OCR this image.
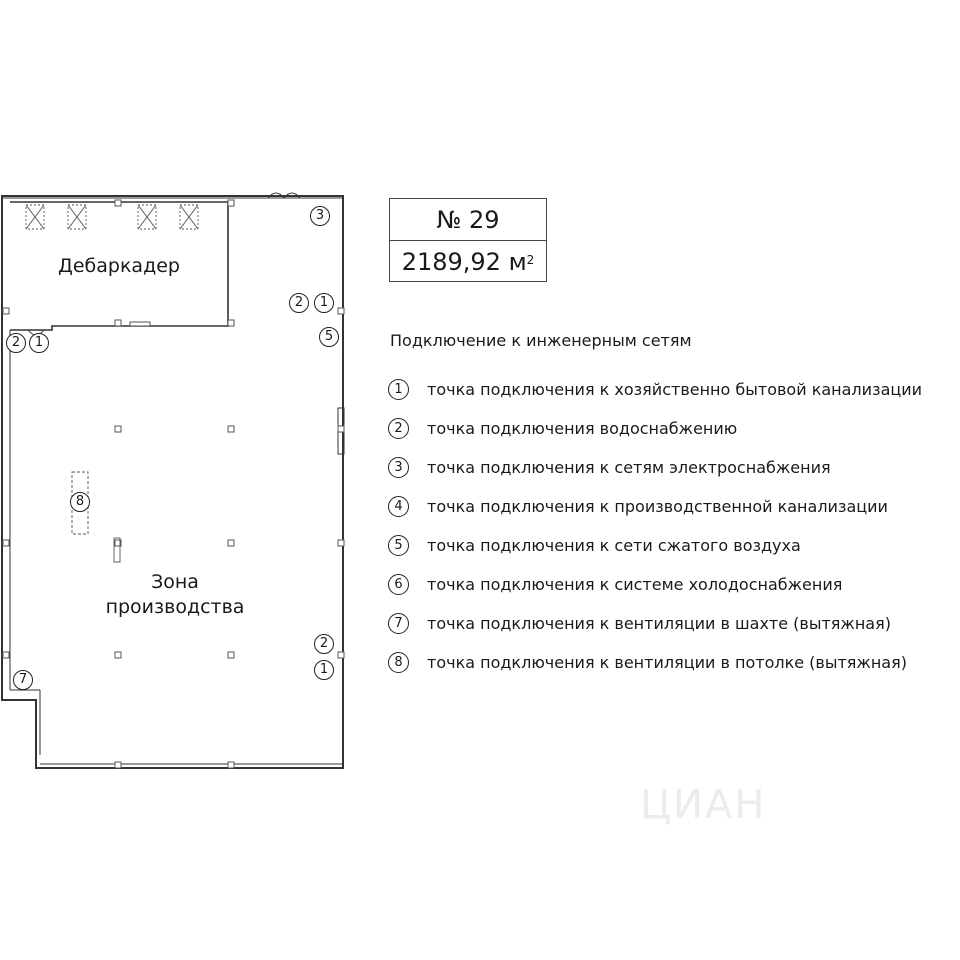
Дебаркадер
Зона
производства
3
2	1
5
2	1
8
2
1
7
№ 29
2189,92 $м^2$
Подключение к инженерным сетям
1	точка подключения к хозяйственно бытовой канализации
2	точка подключения водоснабжению
3	точка подключения к сетям электроснабжения
4	точка подключения к производственной канализации
5	точка подключения к сети сжатого воздуха
6	точка подключения к системе холодоснабжения
7	точка подключения к вентиляции в шахте (вытяжная)
8	точка подключения к вентиляции в потолке (вытяжная)
ЦИАН
